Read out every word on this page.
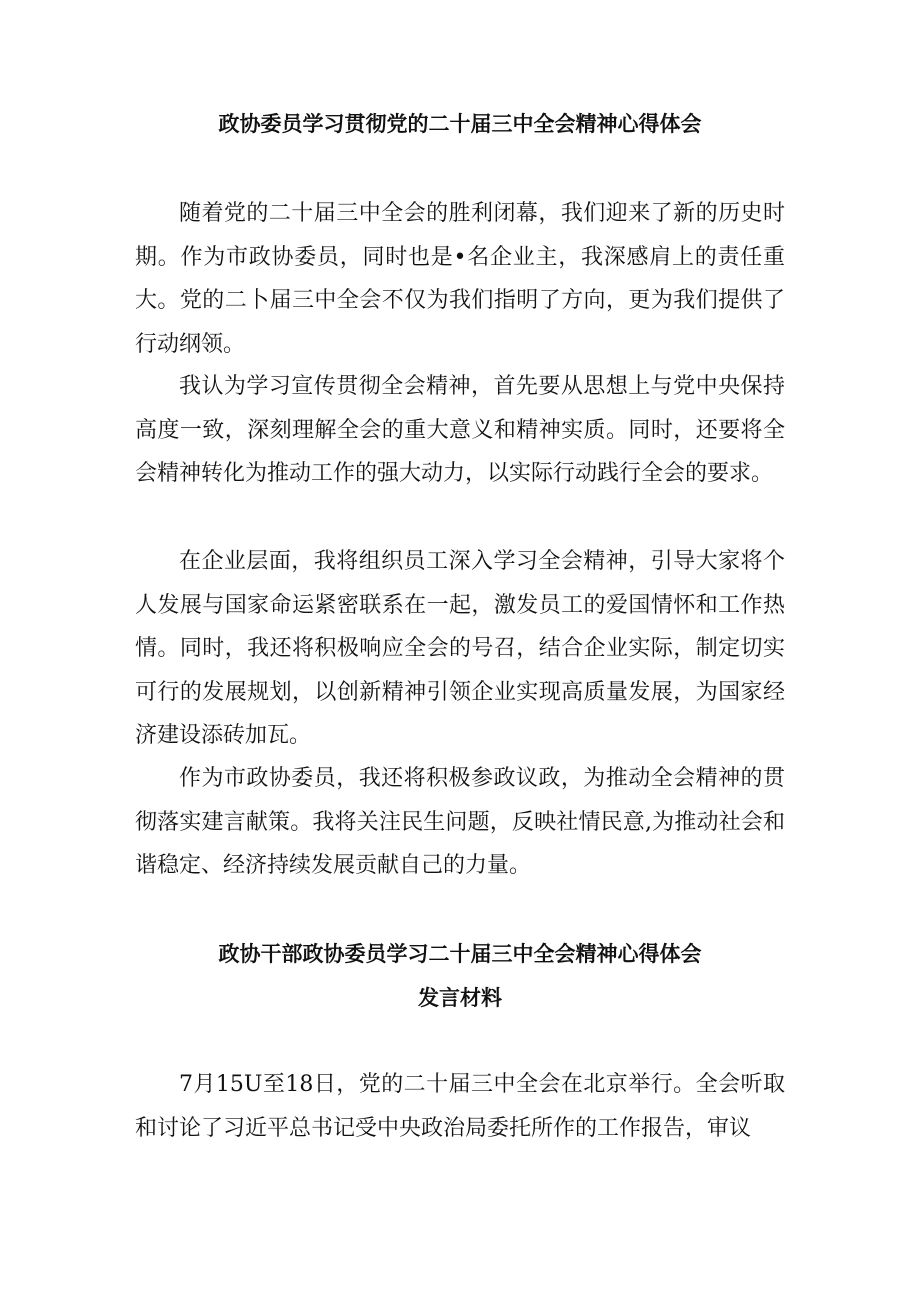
政协委员学习贯彻党的二十届三中全会精神心得体会

随着党的二十届三中全会的胜利闭幕，我们迎来了新的历史时期。作为市政协委员，同时也是•名企业主，我深感肩上的责任重大。党的二卜届三中全会不仅为我们指明了方向，更为我们提供了行动纲领。

我认为学习宣传贯彻全会精神，首先要从思想上与党中央保持高度一致，深刻理解全会的重大意义和精神实质。同时，还要将全会精神转化为推动工作的强大动力，以实际行动践行全会的要求。

在企业层面，我将组织员工深入学习全会精神，引导大家将个人发展与国家命运紧密联系在一起，激发员工的爱国情怀和工作热情。同时，我还将积极响应全会的号召，结合企业实际，制定切实可行的发展规划，以创新精神引领企业实现高质量发展，为国家经济建设添砖加瓦。

作为市政协委员，我还将积极参政议政，为推动全会精神的贯彻落实建言献策。我将关注民生问题，反映社情民意,为推动社会和谐稳定、经济持续发展贡献自己的力量。

政协干部政协委员学习二十届三中全会精神心得体会
发言材料

7月15U至18日，党的二十届三中全会在北京举行。全会听取和讨论了习近平总书记受中央政治局委托所作的工作报告，审议
